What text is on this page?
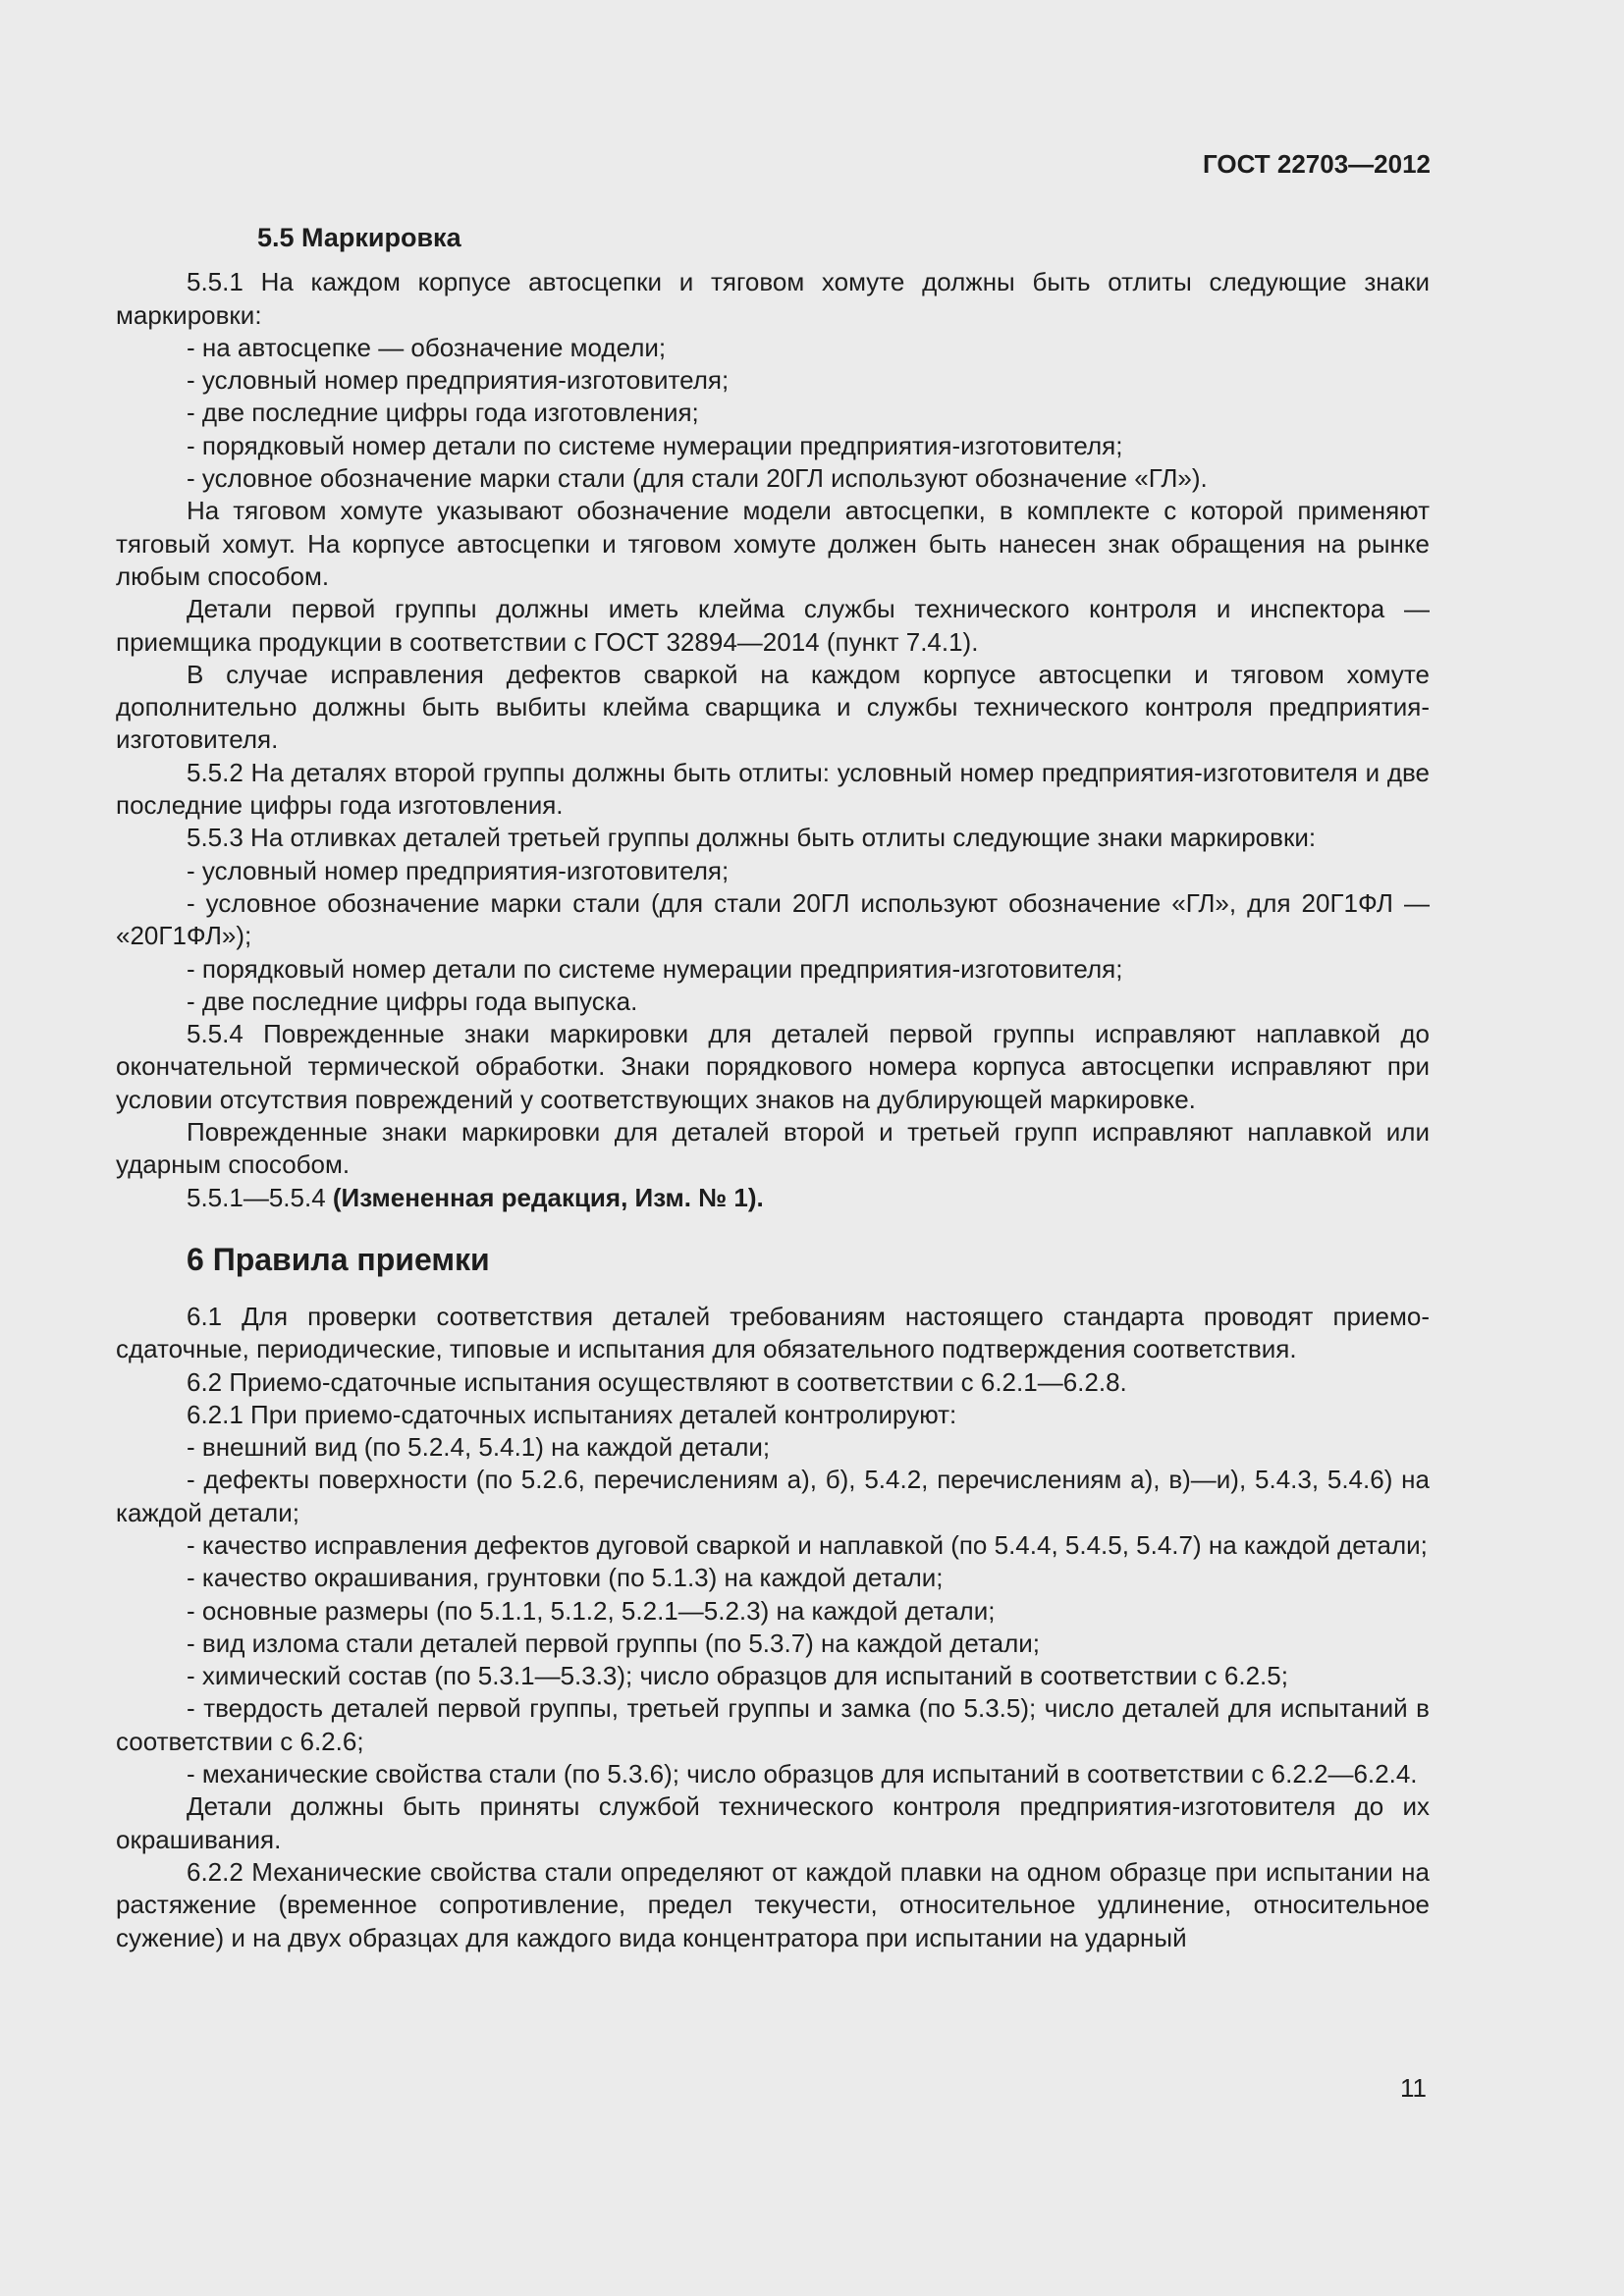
ГОСТ 22703—2012

5.5 Маркировка

5.5.1 На каждом корпусе автосцепки и тяговом хомуте должны быть отлиты следующие знаки маркировки:

- на автосцепке — обозначение модели;

- условный номер предприятия-изготовителя;

- две последние цифры года изготовления;

- порядковый номер детали по системе нумерации предприятия-изготовителя;

- условное обозначение марки стали (для стали 20ГЛ используют обозначение «ГЛ»).

На тяговом хомуте указывают обозначение модели автосцепки, в комплекте с которой применяют тяговый хомут. На корпусе автосцепки и тяговом хомуте должен быть нанесен знак обращения на рынке любым способом.

Детали первой группы должны иметь клейма службы технического контроля и инспектора — приемщика продукции в соответствии с ГОСТ 32894—2014 (пункт 7.4.1).

В случае исправления дефектов сваркой на каждом корпусе автосцепки и тяговом хомуте дополнительно должны быть выбиты клейма сварщика и службы технического контроля предприятия-изготовителя.

5.5.2 На деталях второй группы должны быть отлиты: условный номер предприятия-изготовителя и две последние цифры года изготовления.

5.5.3 На отливках деталей третьей группы должны быть отлиты следующие знаки маркировки:

- условный номер предприятия-изготовителя;

- условное обозначение марки стали (для стали 20ГЛ используют обозначение «ГЛ», для 20Г1ФЛ — «20Г1ФЛ»);

- порядковый номер детали по системе нумерации предприятия-изготовителя;

- две последние цифры года выпуска.

5.5.4 Поврежденные знаки маркировки для деталей первой группы исправляют наплавкой до окончательной термической обработки. Знаки порядкового номера корпуса автосцепки исправляют при условии отсутствия повреждений у соответствующих знаков на дублирующей маркировке.

Поврежденные знаки маркировки для деталей второй и третьей групп исправляют наплавкой или ударным способом.

5.5.1—5.5.4 (Измененная редакция, Изм. № 1).

6 Правила приемки

6.1 Для проверки соответствия деталей требованиям настоящего стандарта проводят приемо-сдаточные, периодические, типовые и испытания для обязательного подтверждения соответствия.

6.2 Приемо-сдаточные испытания осуществляют в соответствии с 6.2.1—6.2.8.

6.2.1 При приемо-сдаточных испытаниях деталей контролируют:

- внешний вид (по 5.2.4, 5.4.1) на каждой детали;

- дефекты поверхности (по 5.2.6, перечислениям а), б), 5.4.2, перечислениям а), в)—и), 5.4.3, 5.4.6) на каждой детали;

- качество исправления дефектов дуговой сваркой и наплавкой (по 5.4.4, 5.4.5, 5.4.7) на каждой детали;

- качество окрашивания, грунтовки (по 5.1.3) на каждой детали;

- основные размеры (по 5.1.1, 5.1.2, 5.2.1—5.2.3) на каждой детали;

- вид излома стали деталей первой группы (по 5.3.7) на каждой детали;

- химический состав (по 5.3.1—5.3.3); число образцов для испытаний в соответствии с 6.2.5;

- твердость деталей первой группы, третьей группы и замка (по 5.3.5); число деталей для испытаний в соответствии с 6.2.6;

- механические свойства стали (по 5.3.6); число образцов для испытаний в соответствии с 6.2.2—6.2.4.

Детали должны быть приняты службой технического контроля предприятия-изготовителя до их окрашивания.

6.2.2 Механические свойства стали определяют от каждой плавки на одном образце при испытании на растяжение (временное сопротивление, предел текучести, относительное удлинение, относительное сужение) и на двух образцах для каждого вида концентратора при испытании на ударный

11
